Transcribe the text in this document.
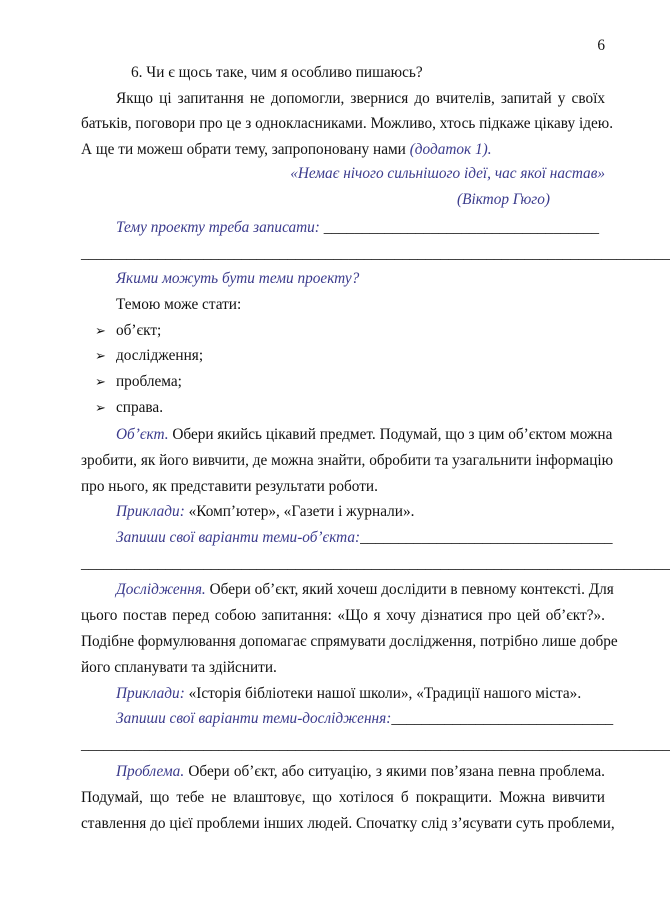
6
6. Чи є щось таке, чим я особливо пишаюсь?
Якщо ці запитання не допомогли, звернися до вчителів, запитай у своїх
батьків, поговори про це з однокласниками. Можливо, хтось підкаже цікаву ідею.
А ще ти можеш обрати тему, запропоновану нами (додаток 1).
«Немає нічого сильнішого ідеї, час якої настав»
(Віктор Гюго)
Тему проекту треба записати: ____________________________________
_____________________________________________________________________________
Якими можуть бути теми проекту?
Темою може стати:
➢ об’єкт;
➢ дослідження;
➢ проблема;
➢ справа.
Об’єкт. Обери якийсь цікавий предмет. Подумай, що з цим об’єктом можна
зробити, як його вивчити, де можна знайти, обробити та узагальнити інформацію
про нього, як представити результати роботи.
Приклади: «Комп’ютер», «Газети і журнали».
Запиши свої варіанти теми-об’єкта:_________________________________
_____________________________________________________________________________
Дослідження. Обери об’єкт, який хочеш дослідити в певному контексті. Для
цього постав перед собою запитання: «Що я хочу дізнатися про цей об’єкт?».
Подібне формулювання допомагає спрямувати дослідження, потрібно лише добре
його спланувати та здійснити.
Приклади: «Історія бібліотеки нашої школи», «Традиції нашого міста».
Запиши свої варіанти теми-дослідження:_____________________________
_____________________________________________________________________________
Проблема. Обери об’єкт, або ситуацію, з якими пов’язана певна проблема.
Подумай, що тебе не влаштовує, що хотілося б покращити. Можна вивчити
ставлення до цієї проблеми інших людей. Спочатку слід з’ясувати суть проблеми,
